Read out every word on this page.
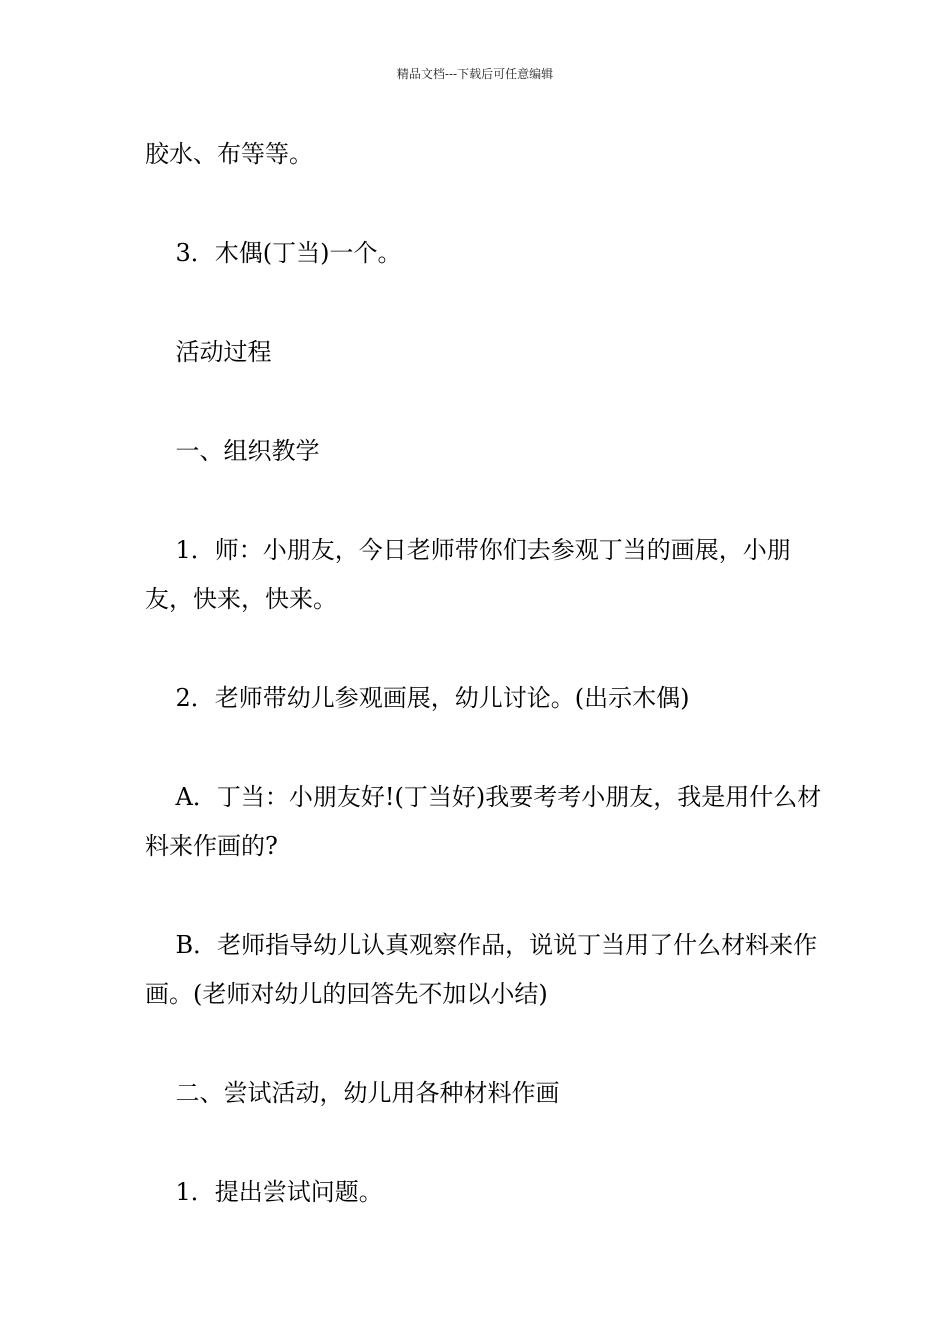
精品文档---下载后可任意编辑

胶水、布等等。

3．木偶(丁当)一个。

活动过程

一、组织教学

1．师：小朋友，今日老师带你们去参观丁当的画展，小朋友，快来，快来。

2．老师带幼儿参观画展，幼儿讨论。(出示木偶)

A．丁当：小朋友好!(丁当好)我要考考小朋友，我是用什么材料来作画的?

B．老师指导幼儿认真观察作品，说说丁当用了什么材料来作画。(老师对幼儿的回答先不加以小结)

二、尝试活动，幼儿用各种材料作画

1．提出尝试问题。
